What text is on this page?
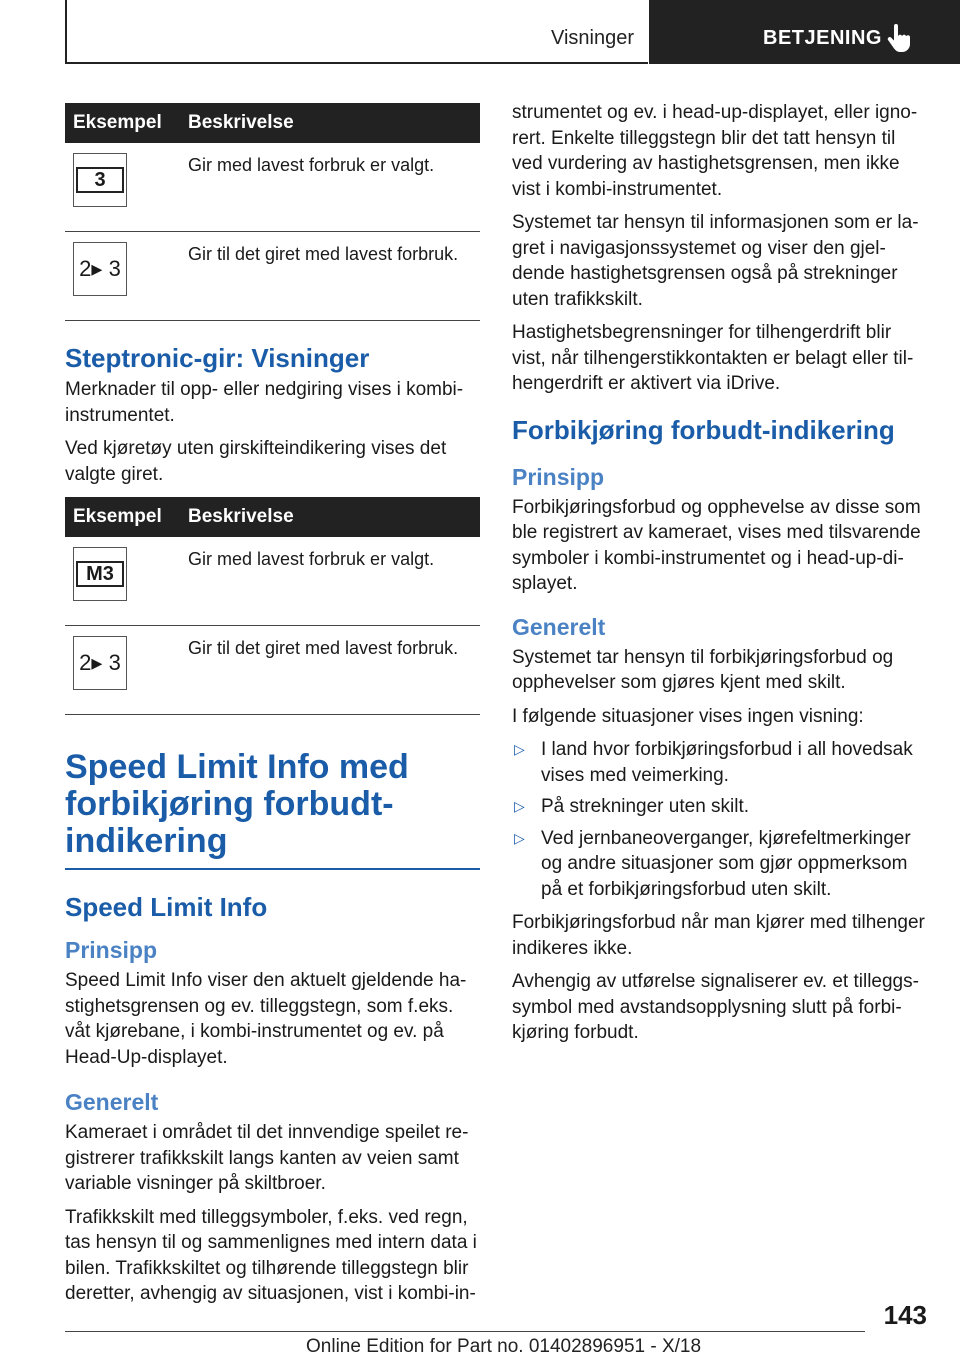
Visninger	BETJENING
Eksempel	Beskrivelse

3	Gir med lavest forbruk er valgt.

2▸ 3	Gir til det giret med lavest forbruk.
Steptronic-gir: Visninger

Merknader til opp- eller nedgiring vises i kombi-instrumentet.

Ved kjøretøy uten girskifteindikering vises det valgte giret.

Eksempel	Beskrivelse

M3	Gir med lavest forbruk er valgt.

2▸ 3	Gir til det giret med lavest forbruk.
Speed Limit Info med forbikjøring forbudt-indikering
Speed Limit Info
Prinsipp

Speed Limit Info viser den aktuelt gjeldende ha-stighetsgrensen og ev. tilleggstegn, som f.eks. våt kjørebane, i kombi-instrumentet og ev. på Head-Up-displayet.

Generelt

Kameraet i området til det innvendige speilet re-gistrerer trafikkskilt langs kanten av veien samt variable visninger på skiltbroer.

Trafikkskilt med tilleggsymboler, f.eks. ved regn, tas hensyn til og sammenlignes med intern data i bilen. Trafikkskiltet og tilhørende tilleggstegn blir deretter, avhengig av situasjonen, vist i kombi-in-

strumentet og ev. i head-up-displayet, eller igno-rert. Enkelte tilleggstegn blir det tatt hensyn til ved vurdering av hastighetsgrensen, men ikke vist i kombi-instrumentet.

Systemet tar hensyn til informasjonen som er la-gret i navigasjonssystemet og viser den gjel-dende hastighetsgrensen også på strekninger uten trafikkskilt.

Hastighetsbegrensninger for tilhengerdrift blir vist, når tilhengerstikkontakten er belagt eller til-hengerdrift er aktivert via iDrive.

Forbikjøring forbudt-indikering
Prinsipp

Forbikjøringsforbud og opphevelse av disse som ble registrert av kameraet, vises med tilsvarende symboler i kombi-instrumentet og i head-up-di-splayet.

Generelt

Systemet tar hensyn til forbikjøringsforbud og opphevelser som gjøres kjent med skilt.

I følgende situasjoner vises ingen visning:

▷ I land hvor forbikjøringsforbud i all hovedsak vises med veimerking.
▷ På strekninger uten skilt.
▷ Ved jernbaneoverganger, kjørefeltmerkinger og andre situasjoner som gjør oppmerksom på et forbikjøringsforbud uten skilt.

Forbikjøringsforbud når man kjører med tilhenger indikeres ikke.

Avhengig av utførelse signaliserer ev. et tilleggs-symbol med avstandsopplysning slutt på forbi-kjøring forbudt.

143
Online Edition for Part no. 01402896951 - X/18
